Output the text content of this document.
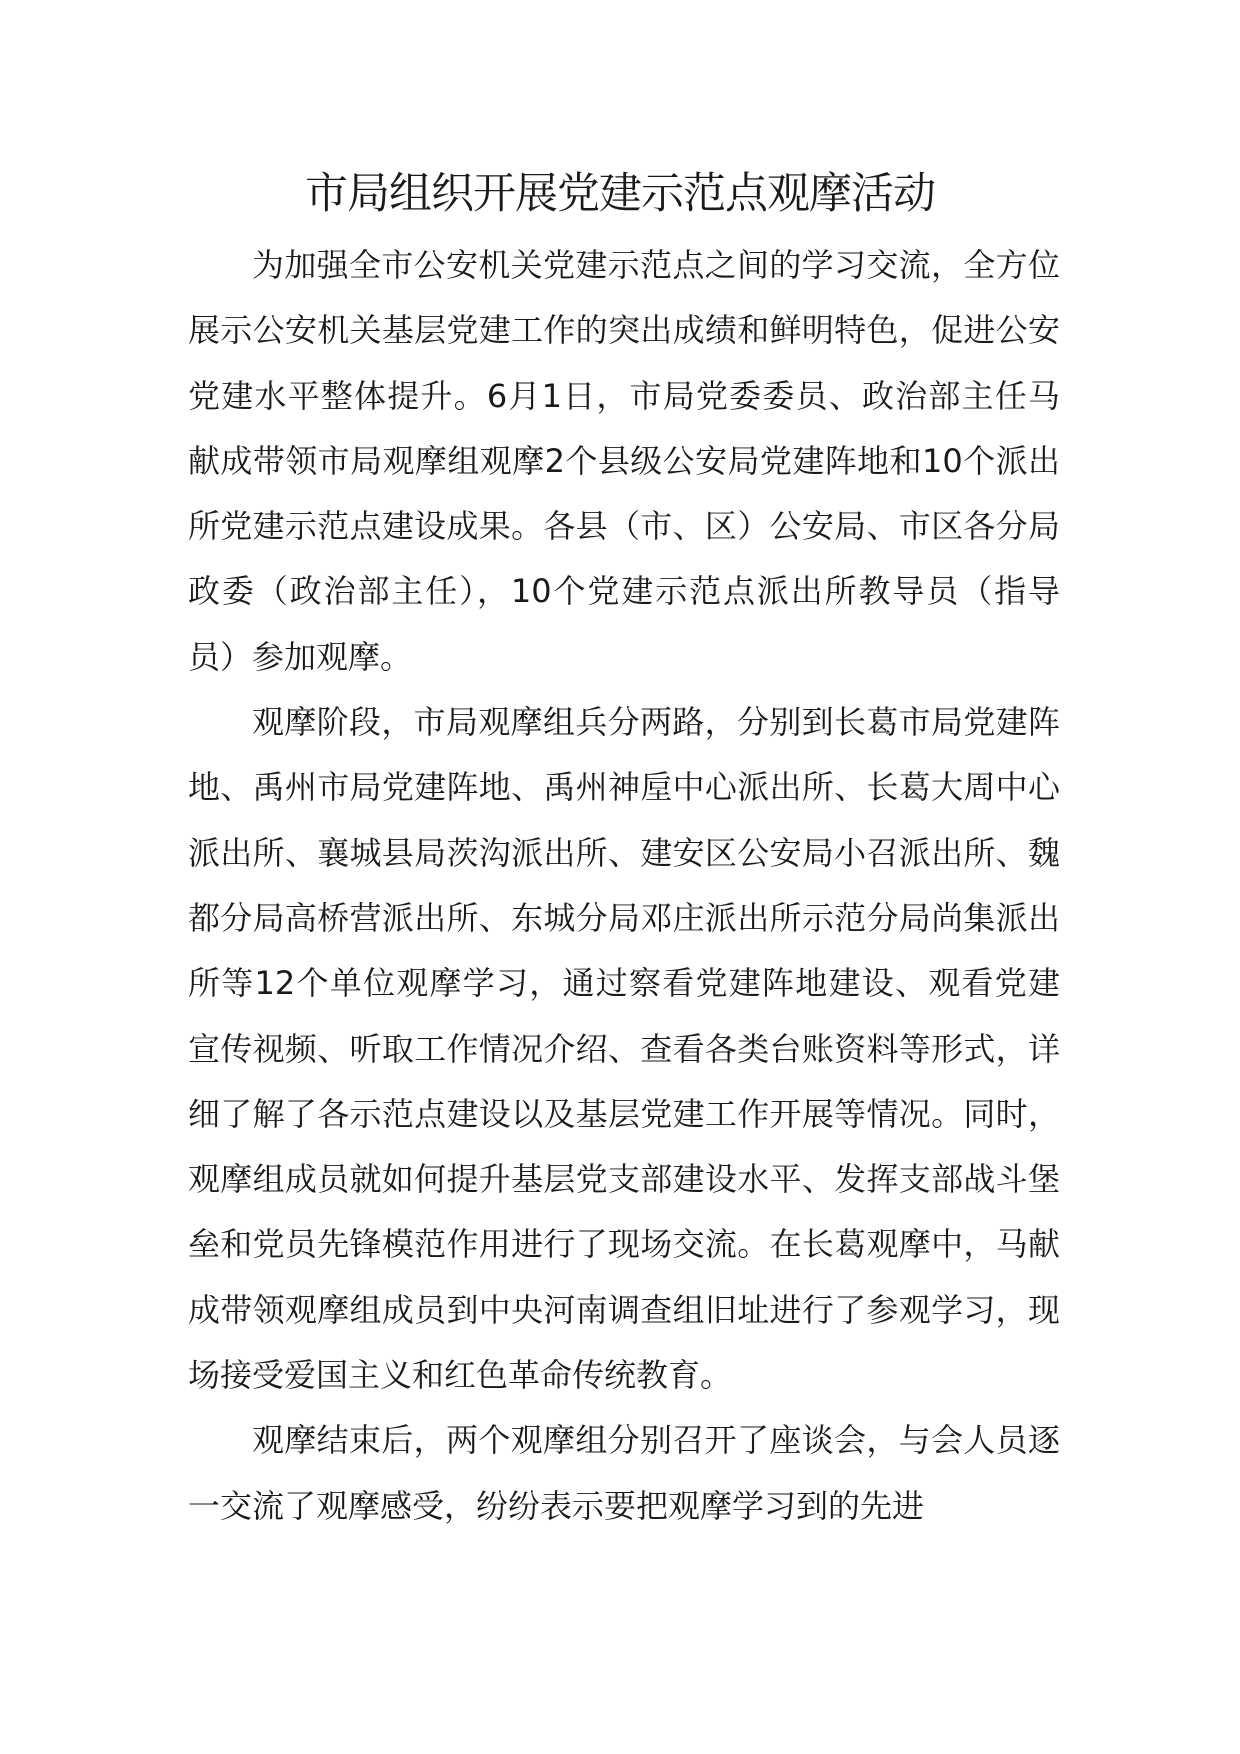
市局组织开展党建示范点观摩活动

为加强全市公安机关党建示范点之间的学习交流，全方位展示公安机关基层党建工作的突出成绩和鲜明特色，促进公安党建水平整体提升。6月1日，市局党委委员、政治部主任马献成带领市局观摩组观摩2个县级公安局党建阵地和10个派出所党建示范点建设成果。各县（市、区）公安局、市区各分局政委（政治部主任），10个党建示范点派出所教导员（指导员）参加观摩。

观摩阶段，市局观摩组兵分两路，分别到长葛市局党建阵地、禹州市局党建阵地、禹州神垕中心派出所、长葛大周中心派出所、襄城县局茨沟派出所、建安区公安局小召派出所、魏都分局高桥营派出所、东城分局邓庄派出所示范分局尚集派出所等12个单位观摩学习，通过察看党建阵地建设、观看党建宣传视频、听取工作情况介绍、查看各类台账资料等形式，详细了解了各示范点建设以及基层党建工作开展等情况。同时，观摩组成员就如何提升基层党支部建设水平、发挥支部战斗堡垒和党员先锋模范作用进行了现场交流。在长葛观摩中，马献成带领观摩组成员到中央河南调查组旧址进行了参观学习，现场接受爱国主义和红色革命传统教育。

观摩结束后，两个观摩组分别召开了座谈会，与会人员逐一交流了观摩感受，纷纷表示要把观摩学习到的先进
